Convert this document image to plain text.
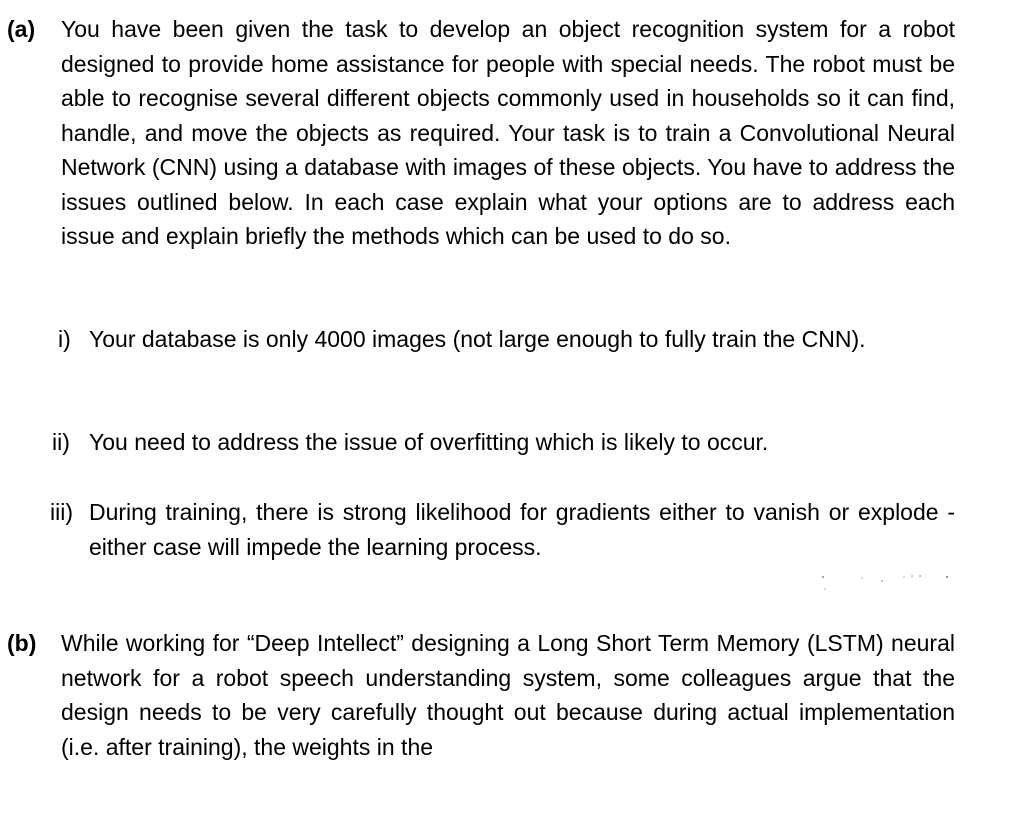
(a) You have been given the task to develop an object recognition system for a robot designed to provide home assistance for people with special needs. The robot must be able to recognise several different objects commonly used in households so it can find, handle, and move the objects as required. Your task is to train a Convolutional Neural Network (CNN) using a database with images of these objects. You have to address the issues outlined below. In each case explain what your options are to address each issue and explain briefly the methods which can be used to do so.
i) Your database is only 4000 images (not large enough to fully train the CNN).
ii) You need to address the issue of overfitting which is likely to occur.
iii) During training, there is strong likelihood for gradients either to vanish or explode - either case will impede the learning process.
(b) While working for “Deep Intellect” designing a Long Short Term Memory (LSTM) neural network for a robot speech understanding system, some colleagues argue that the design needs to be very carefully thought out because during actual implementation (i.e. after training), the weights in the
